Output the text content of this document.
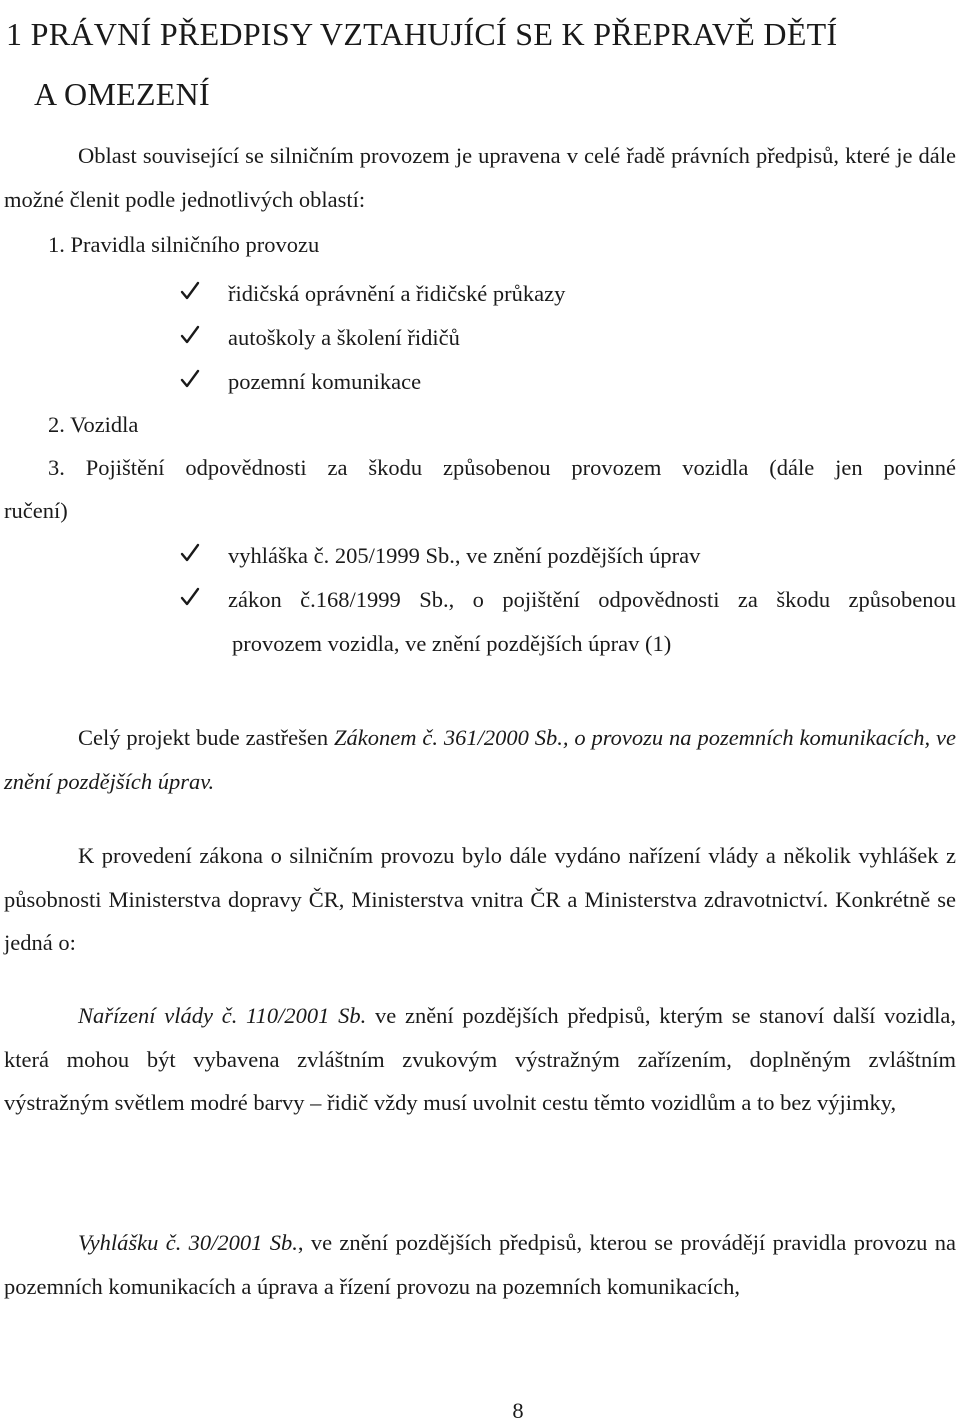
1 PRÁVNÍ PŘEDPISY VZTAHUJÍCÍ SE K PŘEPRAVĚ DĚTÍ
A OMEZENÍ

Oblast související se silničním provozem je upravena v celé řadě právních předpisů, které je dále možné členit podle jednotlivých oblastí:

1. Pravidla silničního provozu

řidičská oprávnění a řidičské průkazy

autoškoly a školení řidičů

pozemní komunikace

2. Vozidla

3. Pojištění odpovědnosti za škodu způsobenou provozem vozidla (dále jen povinné

ručení)

vyhláška č. 205/1999 Sb., ve znění pozdějších úprav

zákon č.168/1999 Sb., o pojištění odpovědnosti za škodu způsobenou

provozem vozidla, ve znění pozdějších úprav (1)

Celý projekt bude zastřešen Zákonem č. 361/2000 Sb., o provozu na pozemních komunikacích, ve znění pozdějších úprav.

K provedení zákona o silničním provozu bylo dále vydáno nařízení vlády a několik vyhlášek z působnosti Ministerstva dopravy ČR, Ministerstva vnitra ČR a Ministerstva zdravotnictví. Konkrétně se jedná o:

Nařízení vlády č. 110/2001 Sb. ve znění pozdějších předpisů, kterým se stanoví další vozidla, která mohou být vybavena zvláštním zvukovým výstražným zařízením, doplněným zvláštním výstražným světlem modré barvy – řidič vždy musí uvolnit cestu těmto vozidlům a to bez výjimky,

Vyhlášku č. 30/2001 Sb., ve znění pozdějších předpisů, kterou se provádějí pravidla provozu na pozemních komunikacích a úprava a řízení provozu na pozemních komunikacích,

8
